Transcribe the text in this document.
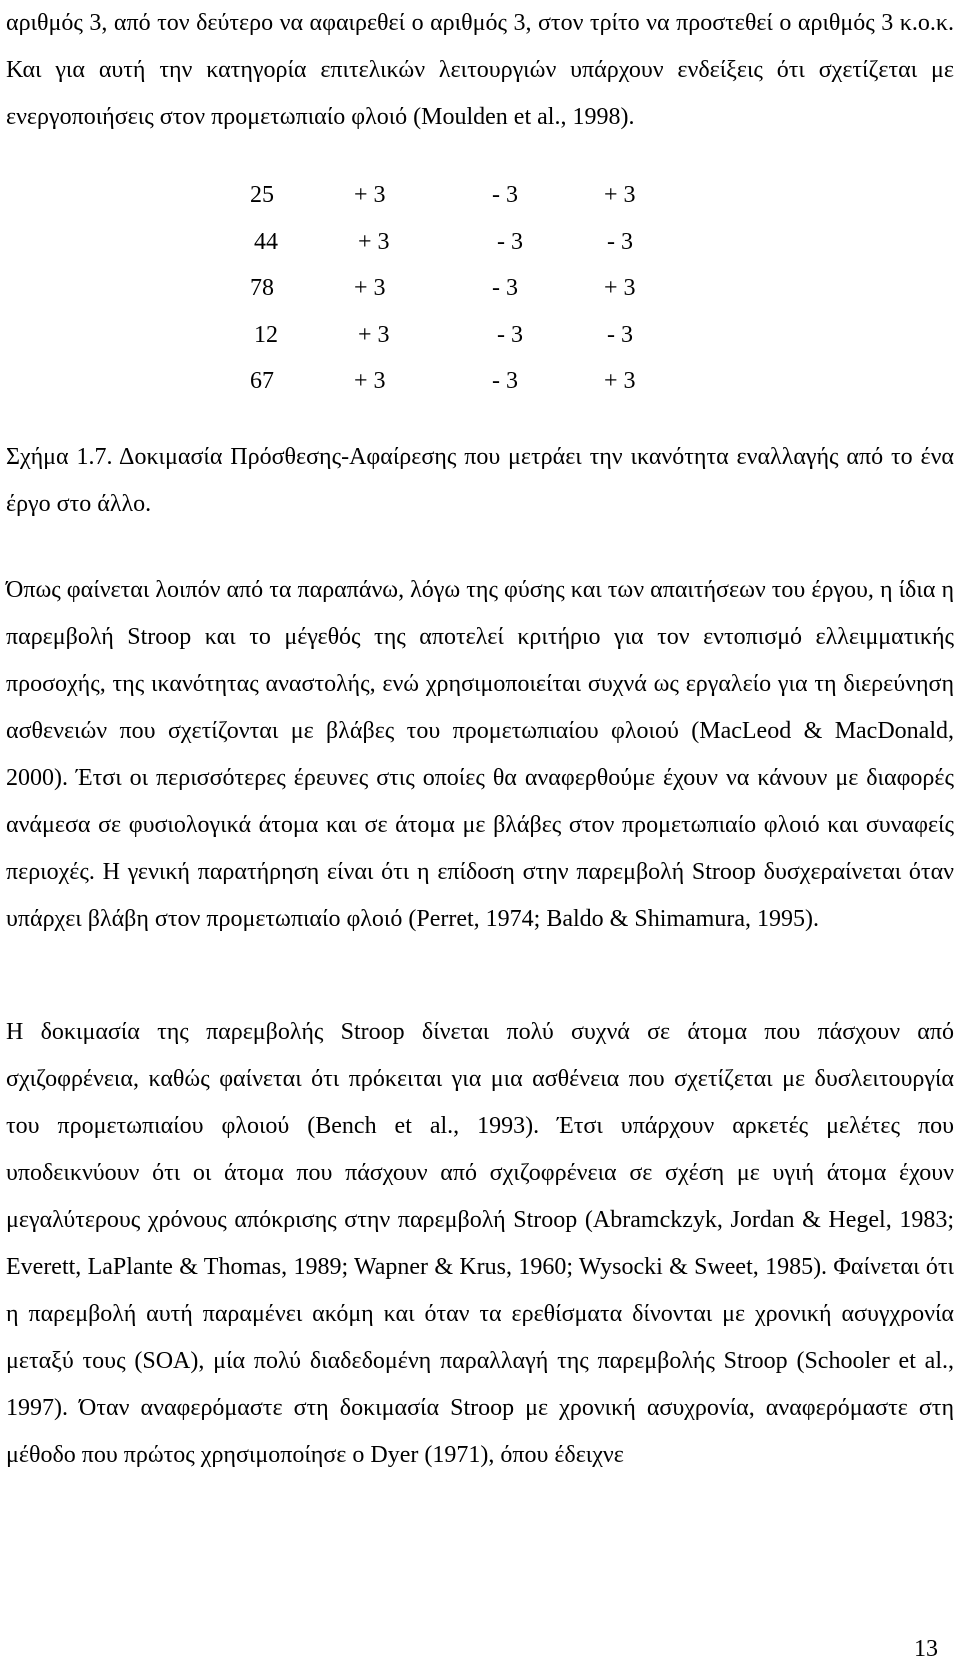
αριθμός 3, από τον δεύτερο να αφαιρεθεί ο αριθμός 3, στον τρίτο να προστεθεί ο αριθμός 3 κ.ο.κ. Και για αυτή την κατηγορία επιτελικών λειτουργιών υπάρχουν ενδείξεις ότι σχετίζεται με ενεργοποιήσεις στον προμετωπιαίο φλοιό (Moulden et al., 1998).

25	+ 3	- 3	+ 3
44	+ 3	- 3	- 3
78	+ 3	- 3	+ 3
12	+ 3	- 3	- 3
67	+ 3	- 3	+ 3

Σχήμα 1.7. Δοκιμασία Πρόσθεσης-Αφαίρεσης που μετράει την ικανότητα εναλλαγής από το ένα έργο στο άλλο.

Όπως φαίνεται λοιπόν από τα παραπάνω, λόγω της φύσης και των απαιτήσεων του έργου, η ίδια η παρεμβολή Stroop και το μέγεθός της αποτελεί κριτήριο για τον εντοπισμό ελλειμματικής προσοχής, της ικανότητας αναστολής, ενώ χρησιμοποιείται συχνά ως εργαλείο για τη διερεύνηση ασθενειών που σχετίζονται με βλάβες του προμετωπιαίου φλοιού (MacLeod & MacDonald, 2000). Έτσι οι περισσότερες έρευνες στις οποίες θα αναφερθούμε έχουν να κάνουν με διαφορές ανάμεσα σε φυσιολογικά άτομα και σε άτομα με βλάβες στον προμετωπιαίο φλοιό και συναφείς περιοχές. Η γενική παρατήρηση είναι ότι η επίδοση στην παρεμβολή Stroop δυσχεραίνεται όταν υπάρχει βλάβη στον προμετωπιαίο φλοιό (Perret, 1974; Baldo & Shimamura, 1995).

Η δοκιμασία της παρεμβολής Stroop δίνεται πολύ συχνά σε άτομα που πάσχουν από σχιζοφρένεια, καθώς φαίνεται ότι πρόκειται για μια ασθένεια που σχετίζεται με δυσλειτουργία του προμετωπιαίου φλοιού (Bench et al., 1993). Έτσι υπάρχουν αρκετές μελέτες που υποδεικνύουν ότι οι άτομα που πάσχουν από σχιζοφρένεια σε σχέση με υγιή άτομα έχουν μεγαλύτερους χρόνους απόκρισης στην παρεμβολή Stroop (Abramckzyk, Jordan & Hegel, 1983; Everett, LaPlante & Thomas, 1989; Wapner & Krus, 1960; Wysocki & Sweet, 1985). Φαίνεται ότι η παρεμβολή αυτή παραμένει ακόμη και όταν τα ερεθίσματα δίνονται με χρονική ασυγχρονία μεταξύ τους (SOA), μία πολύ διαδεδομένη παραλλαγή της παρεμβολής Stroop (Schooler et al., 1997). Όταν αναφερόμαστε στη δοκιμασία Stroop με χρονική ασυχρονία, αναφερόμαστε στη μέθοδο που πρώτος χρησιμοποίησε ο Dyer (1971), όπου έδειχνε

13
